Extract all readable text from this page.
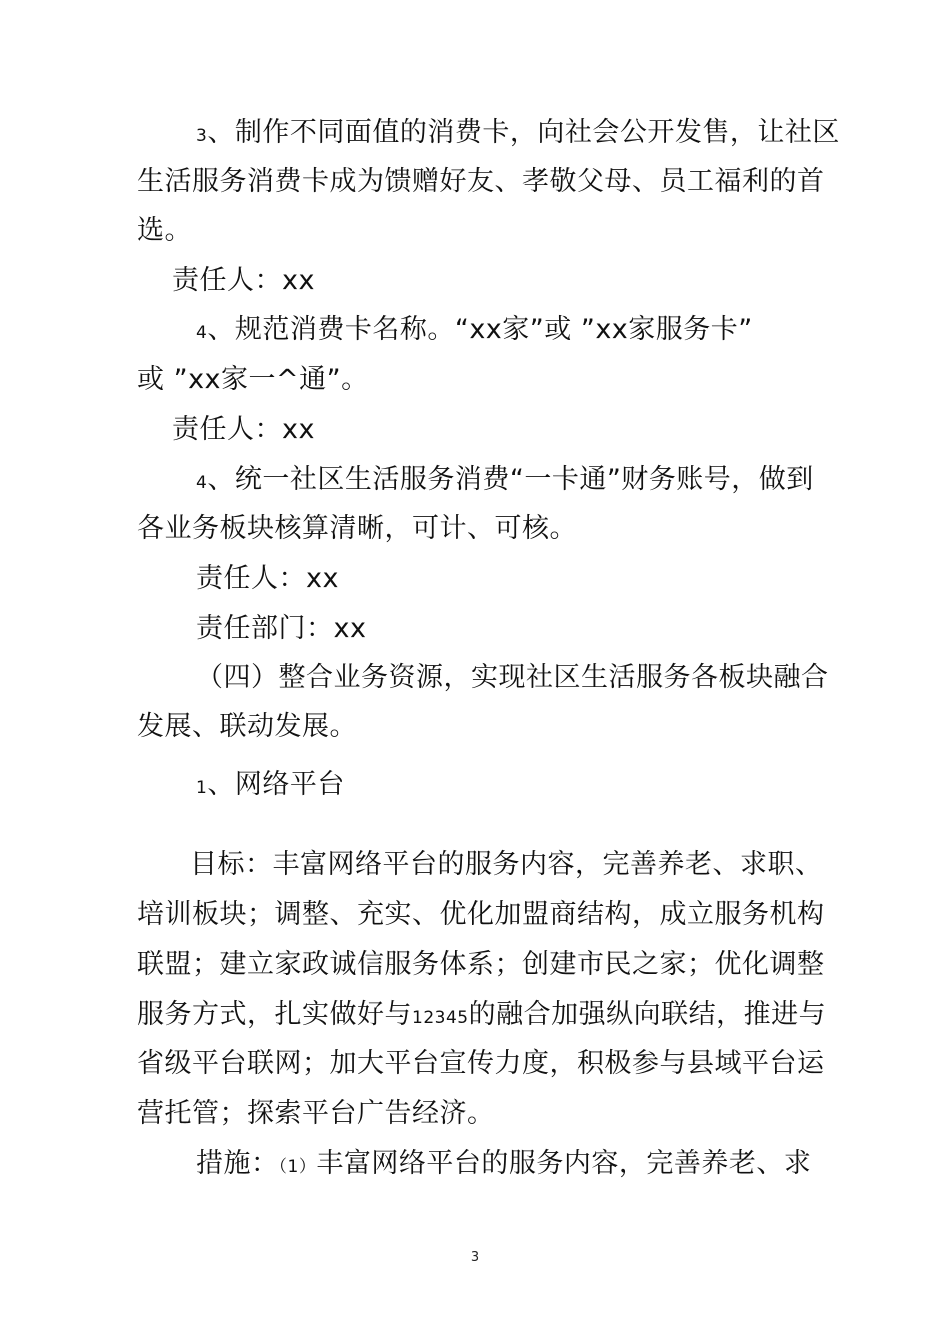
3、制作不同面值的消费卡，向社会公开发售，让社区
生活服务消费卡成为馈赠好友、孝敬父母、员工福利的首
选。
责任人：xx
4、规范消费卡名称。“xx家”或 ”xx家服务卡”
或 ”xx家一^通”。
责任人：xx
4、统一社区生活服务消费“一卡通”财务账号，做到
各业务板块核算清晰，可计、可核。
责任人：xx
责任部门：xx
（四）整合业务资源，实现社区生活服务各板块融合
发展、联动发展。
1、网络平台
目标：丰富网络平台的服务内容，完善养老、求职、
培训板块；调整、充实、优化加盟商结构，成立服务机构
联盟；建立家政诚信服务体系；创建市民之家；优化调整
服务方式，扎实做好与12345的融合加强纵向联结，推进与
省级平台联网；加大平台宣传力度，积极参与县域平台运
营托管；探索平台广告经济。
措施：（1）丰富网络平台的服务内容，完善养老、求
3
